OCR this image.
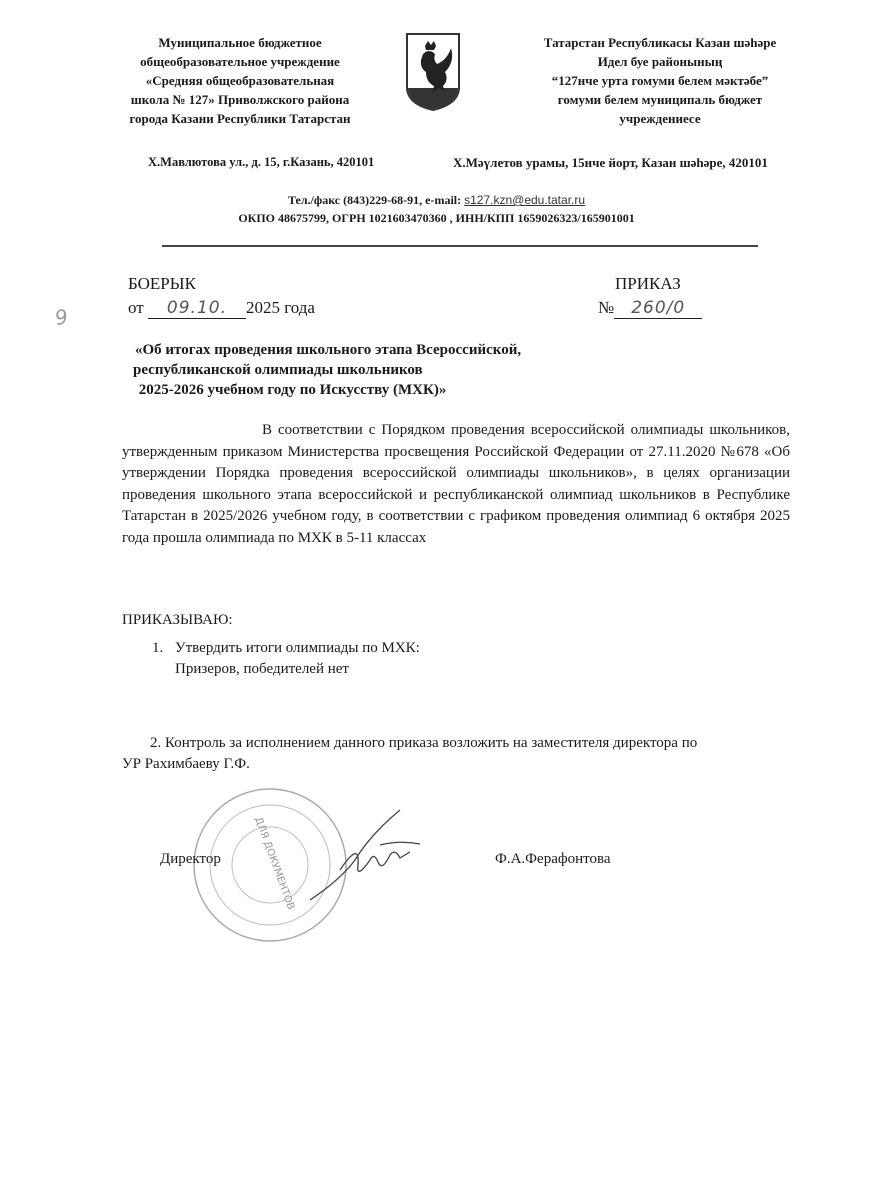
Муниципальное бюджетное
общеобразовательное учреждение
«Средняя общеобразовательная
школа № 127» Приволжского района
города Казани Республики Татарстан
Татарстан Республикасы Казан шәһәре
Идел буе районының
“127нче урта гомуми белем мәктәбе”
гомуми белем муниципаль бюджет
учреждениесе
Х.Мавлютова ул., д. 15, г.Казань, 420101	Х.Мәүлетов урамы, 15нче йорт, Казан шәһәре, 420101
Тел./факс (843)229-68-91, e-mail: s127.kzn@edu.tatar.ru
ОКПО 48675799, ОГРН 1021603470360 , ИНН/КПП 1659026323/165901001
9
БОЕРЫК
от 09.10. 2025 года
ПРИКАЗ
№ 260/0
«Об итогах проведения школьного этапа Всероссийской,
республиканской олимпиады школьников
2025-2026 учебном году по Искусству (МХК)»
В соответствии с Порядком проведения всероссийской олимпиады школьников, утвержденным приказом Министерства просвещения Российской Федерации от 27.11.2020 №678 «Об утверждении Порядка проведения всероссийской олимпиады школьников», в целях организации проведения школьного этапа всероссийской и республиканской олимпиад школьников в Республике Татарстан в 2025/2026 учебном году, в соответствии с графиком проведения олимпиад 6 октября 2025 года прошла олимпиада по МХК в 5-11 классах
ПРИКАЗЫВАЮ:
1. Утвердить итоги олимпиады по МХК:
Призеров, победителей нет
2. Контроль за исполнением данного приказа возложить на заместителя директора по
УР Рахимбаеву Г.Ф.
ДЛЯ ДОКУМЕНТОВ
Директор	Ф.А.Ферафонтова
